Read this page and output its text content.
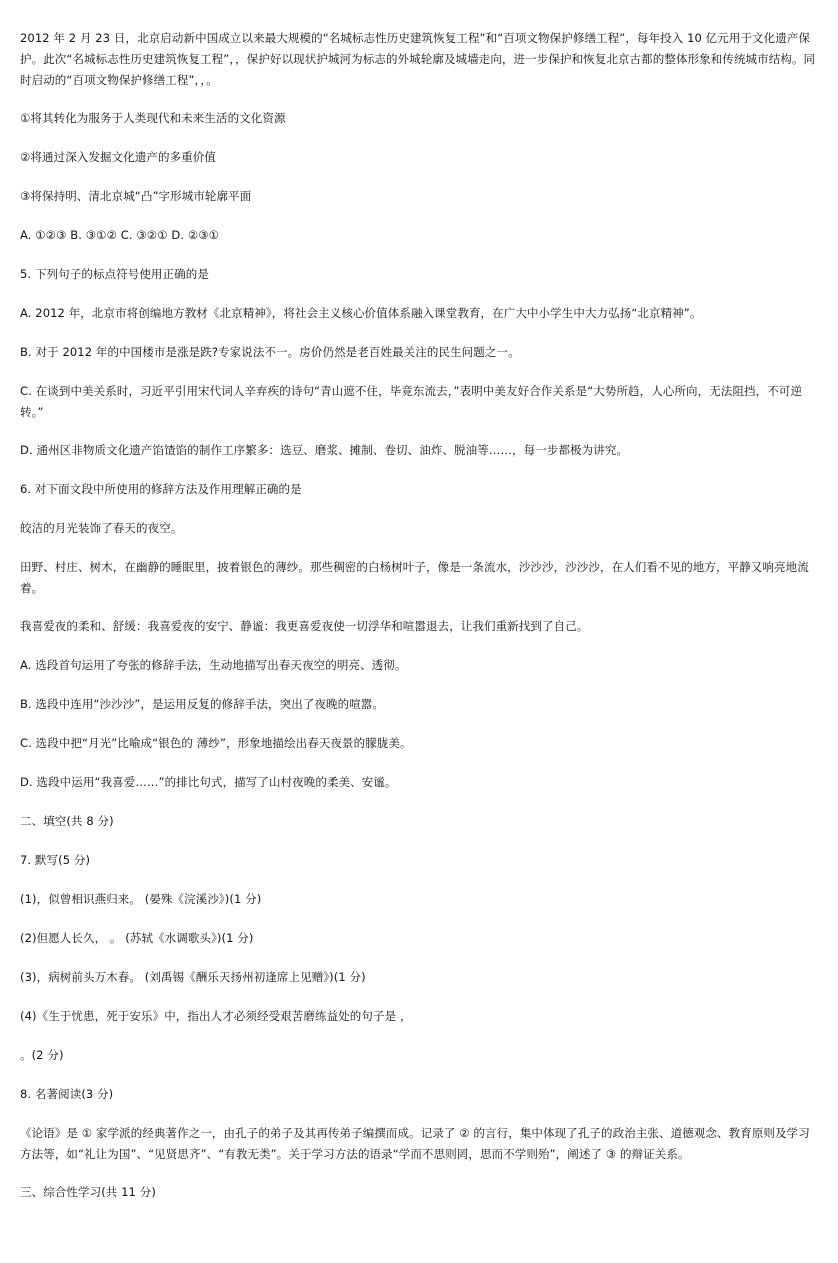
2012 年 2 月 23 日，北京启动新中国成立以来最大规模的“名城标志性历史建筑恢复工程”和“百项文物保护修缮工程”，每年投入 10 亿元用于文化遗产保护。此次“名城标志性历史建筑恢复工程”，，保护好以现状护城河为标志的外城轮廓及城墙走向，进一步保护和恢复北京古都的整体形象和传统城市结构。同时启动的“百项文物保护修缮工程”，，。

①将其转化为服务于人类现代和未来生活的文化资源

②将通过深入发掘文化遗产的多重价值

③将保持明、清北京城“凸”字形城市轮廓平面

A. ①②③ B. ③①② C. ③②① D. ②③①

5. 下列句子的标点符号使用正确的是

A. 2012 年，北京市将创编地方教材《北京精神》，将社会主义核心价值体系融入课堂教育，在广大中小学生中大力弘扬“北京精神”。

B. 对于 2012 年的中国楼市是涨是跌?专家说法不一。房价仍然是老百姓最关注的民生问题之一。

C. 在谈到中美关系时，习近平引用宋代词人辛弃疾的诗句“青山遮不住，毕竟东流去，”表明中美友好合作关系是“大势所趋，人心所向，无法阻挡，不可逆转。”

D. 通州区非物质文化遗产馅馇馅的制作工序繁多：选豆、磨浆、摊制、卷切、油炸、脱油等……，每一步都极为讲究。

6. 对下面文段中所使用的修辞方法及作用理解正确的是

皎洁的月光装饰了春天的夜空。

田野、村庄、树木，在幽静的睡眠里，披着银色的薄纱。那些稠密的白杨树叶子，像是一条流水，沙沙沙，沙沙沙，在人们看不见的地方，平静又响亮地流着。

我喜爱夜的柔和、舒缓：我喜爱夜的安宁、静谧：我更喜爱夜使一切浮华和喧嚣退去，让我们重新找到了自己。

A. 选段首句运用了夸张的修辞手法，生动地描写出春天夜空的明亮、透彻。

B. 选段中连用“沙沙沙”，是运用反复的修辞手法，突出了夜晚的喧嚣。

C. 选段中把“月光”比喻成“银色的 薄纱”，形象地描绘出春天夜景的朦胧美。

D. 选段中运用“我喜爱……”的排比句式，描写了山村夜晚的柔美、安谧。

二、填空(共 8 分)

7. 默写(5 分)

(1)，似曾相识燕归来。 (晏殊《浣溪沙》)(1 分)

(2)但愿人长久， 。 (苏轼《水调歌头》)(1 分)

(3)，病树前头万木春。 (刘禹锡《酬乐天扬州初逢席上见赠》)(1 分)

(4)《生于忧患，死于安乐》中，指出人才必须经受艰苦磨练益处的句子是 ，

。(2 分)

8. 名著阅读(3 分)

《论语》是 ① 家学派的经典著作之一，由孔子的弟子及其再传弟子编撰而成。记录了 ② 的言行，集中体现了孔子的政治主张、道德观念、教育原则及学习方法等，如“礼让为国”、“见贤思齐”、“有教无类”。关于学习方法的语录“学而不思则罔，思而不学则殆”，阐述了 ③ 的辩证关系。

三、综合性学习(共 11 分)
